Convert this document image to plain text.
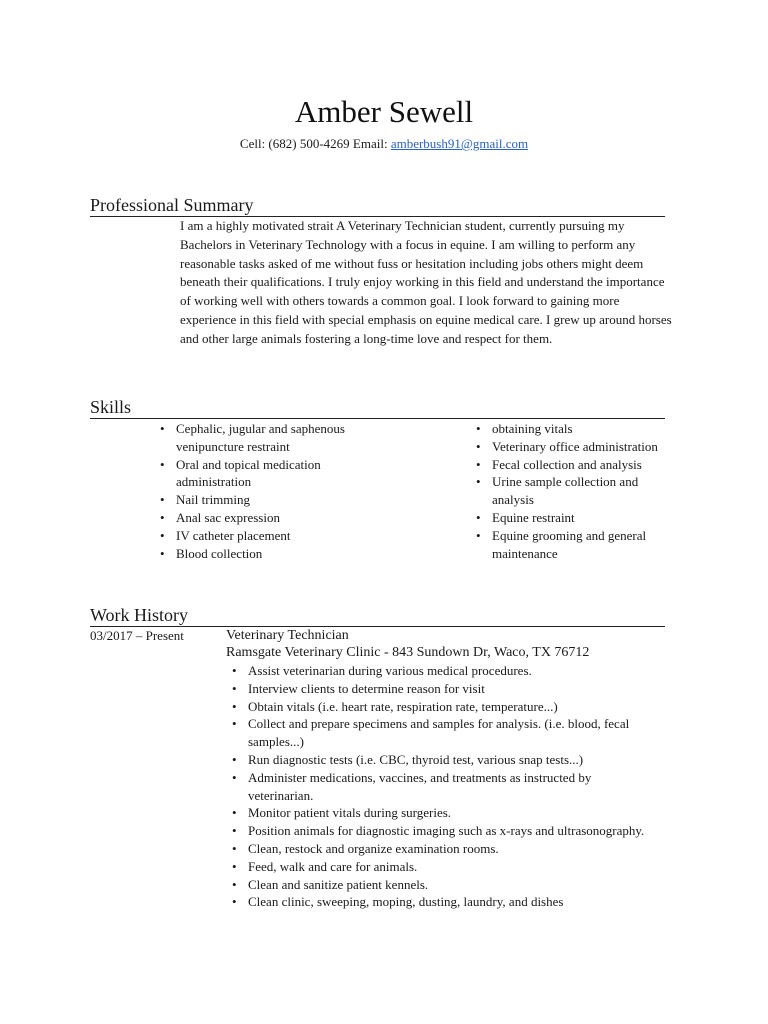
Amber Sewell
Cell: (682) 500-4269 Email: amberbush91@gmail.com
Professional Summary

I am a highly motivated strait A Veterinary Technician student, currently pursuing my Bachelors in Veterinary Technology with a focus in equine. I am willing to perform any reasonable tasks asked of me without fuss or hesitation including jobs others might deem beneath their qualifications. I truly enjoy working in this field and understand the importance of working well with others towards a common goal. I look forward to gaining more experience in this field with special emphasis on equine medical care. I grew up around horses and other large animals fostering a long-time love and respect for them.

Skills
• Cephalic, jugular and saphenous venipuncture restraint
• Oral and topical medication administration
• Nail trimming
• Anal sac expression
• IV catheter placement
• Blood collection
• obtaining vitals
• Veterinary office administration
• Fecal collection and analysis
• Urine sample collection and analysis
• Equine restraint
• Equine grooming and general maintenance
Work History
03/2017 – Present	Veterinary Technician
Ramsgate Veterinary Clinic - 843 Sundown Dr, Waco, TX 76712
• Assist veterinarian during various medical procedures.
• Interview clients to determine reason for visit
• Obtain vitals (i.e. heart rate, respiration rate, temperature...)
• Collect and prepare specimens and samples for analysis. (i.e. blood, fecal samples...)
• Run diagnostic tests (i.e. CBC, thyroid test, various snap tests...)
• Administer medications, vaccines, and treatments as instructed by veterinarian.
• Monitor patient vitals during surgeries.
• Position animals for diagnostic imaging such as x-rays and ultrasonography.
• Clean, restock and organize examination rooms.
• Feed, walk and care for animals.
• Clean and sanitize patient kennels.
• Clean clinic, sweeping, moping, dusting, laundry, and dishes
